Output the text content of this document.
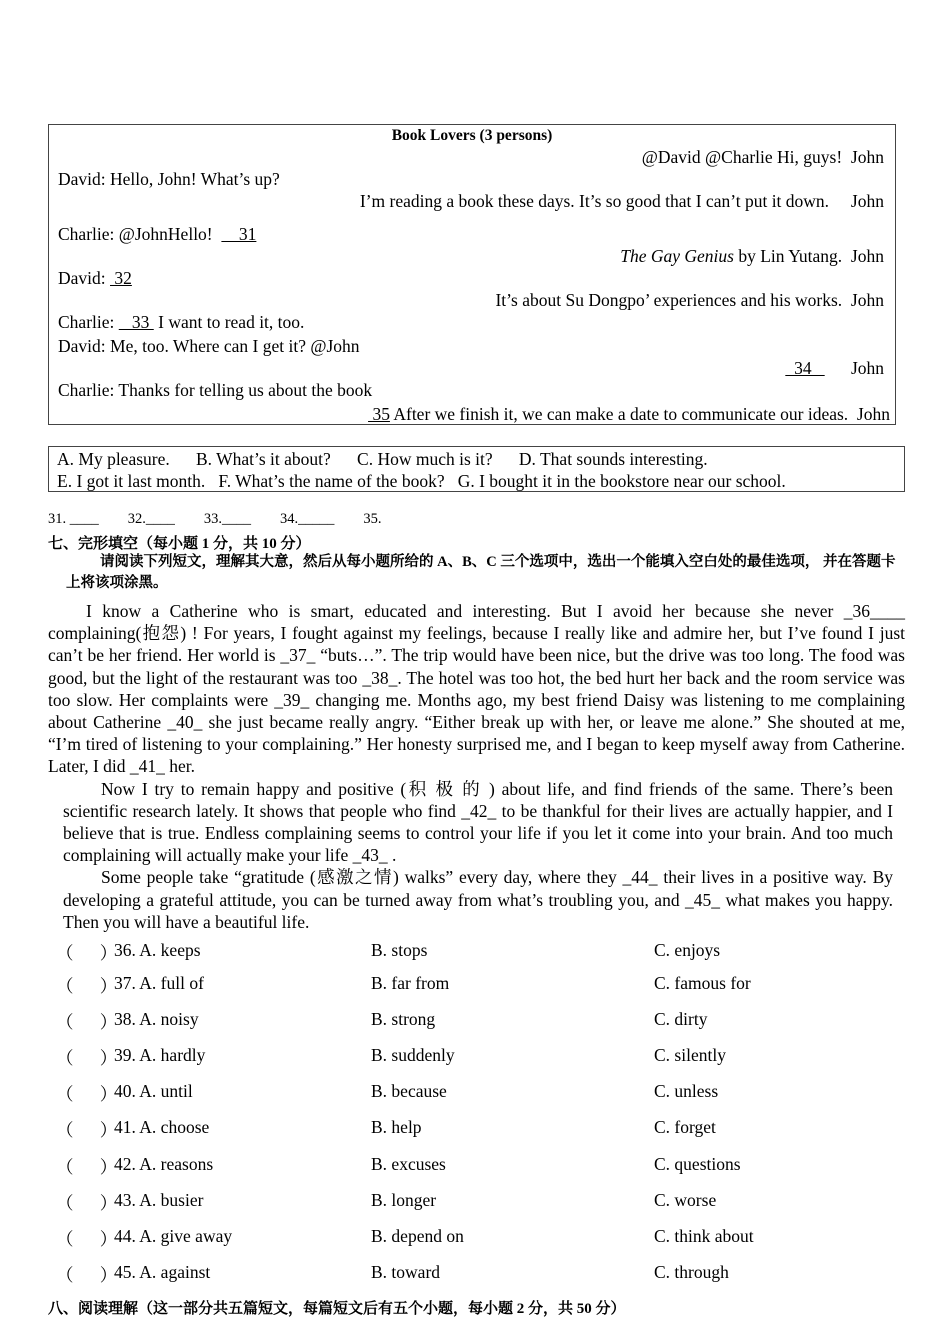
Book Lovers (3 persons)
@David @Charlie Hi, guys!  John
David: Hello, John! What’s up?
I’m reading a book these days. It’s so good that I can’t put it down.     John
Charlie: @JohnHello!      31
The Gay Genius by Lin Yutang.  John
David:  32
It’s about Su Dongpo’ experiences and his works.  John
Charlie:    33  I want to read it, too.
David: Me, too. Where can I get it? @John
34         John
Charlie: Thanks for telling us about the book
35 After we finish it, we can make a date to communicate our ideas.  John
A. My pleasure.      B. What’s it about?      C. How much is it?      D. That sounds interesting.
E. I got it last month.   F. What’s the name of the book?   G. I bought it in the bookstore near our school.
31. ____        32.____        33.____        34._____        35.
七、完形填空（每小题 1 分，共 10 分）
请阅读下列短文，理解其大意，然后从每小题所给的 A、B、C 三个选项中，选出一个能填入空白处的最佳选项， 并在答题卡上将该项涂黑。

I know a Catherine who is smart, educated and interesting. But I avoid her because she never _36____ complaining(抱怨) ! For years, I fought against my feelings, because I really like and admire her, but I’ve found I just can’t be her friend. Her world is _37_ “buts…”. The trip would have been nice, but the drive was too long. The food was good, but the light of the restaurant was too _38_. The hotel was too hot, the bed hurt her back and the room service was too slow. Her complaints were _39_ changing me. Months ago, my best friend Daisy was listening to me complaining about Catherine _40_ she just became really angry. “Either break up with her, or leave me alone.” She shouted at me, “I’m tired of listening to your complaining.” Her honesty surprised me, and I began to keep myself away from Catherine. Later, I did _41_ her.

Now I try to remain happy and positive (积 极 的 ) about life, and find friends of the same. There’s been scientific research lately. It shows that people who find _42_ to be thankful for their lives are actually happier, and I believe that is true. Endless complaining seems to control your life if you let it come into your brain. And too much complaining will actually make your life _43_ .

Some people take “gratitude (感激之情) walks” every day, where they _44_ their lives in a positive way. By developing a grateful attitude, you can be turned away from what’s troubling you, and _45_ what makes you happy. Then you will have a beautiful life.

（      ）
36. A. keeps	B. stops	C. enjoys
（      ）
37. A. full of	B. far from	C. famous for
（      ）
38. A. noisy	B. strong	C. dirty
（      ）
39. A. hardly	B. suddenly	C. silently
（      ）
40. A. until	B. because	C. unless
（      ）
41. A. choose	B. help	C. forget
（      ）
42. A. reasons	B. excuses	C. questions
（      ）
43. A. busier	B. longer	C. worse
（      ）
44. A. give away	B. depend on	C. think about
（      ）
45. A. against	B. toward	C. through
八、阅读理解（这一部分共五篇短文，每篇短文后有五个小题，每小题 2 分，共 50 分）
